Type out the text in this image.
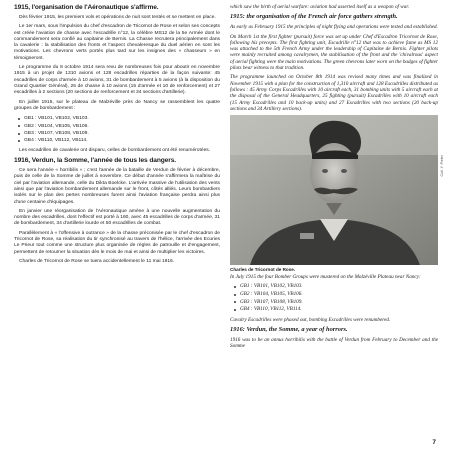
1915, l'organisation de l'Aéronautique s'affirme.

Dès février 1915, les premiers vols et opérations de nuit sont testés et se mettent en place.

Le 1er mars, sous l'impulsion du chef d'escadron de Tricornot de Rose et selon ses concepts est créée l'aviation de chasse avec l'escadrille n°12, la célèbre MS12 de la 5e Armée dont le commandement sera confié au capitaine de Bernis. La Chasse recrutera principalement dans la cavalerie : la stabilisation des fronts et l'aspect chevaleresque du duel aérien en sont les motivations. Les chevrons verts portés plus tard sur les insignes des « chasseurs » en témoigneront.

Le programme du 8 octobre 1914 sera revu de nombreuses fois pour aboutir en novembre 1915 à un projet de 1310 avions et 128 escadrilles réparties de la façon suivante: 45 escadrilles de corps d'armée à 10 avions, 31 de bombardement à 5 avions (à la disposition du Grand Quartier Général), 25 de chasse à 10 avions (15 d'armée et 10 de renforcement) et 27 escadrilles à 2 sections (20 sections de renforcement et 34 sections d'artillerie).

En juillet 1915, sur le plateau de Malzéville près de Nancy se rassemblent les quatre groupes de bombardement :

GB1 : VB101, VB102, VB103.
GB2 : VB104, VB105, VB106.
GB3 : VB107, VB108, VB109.
GB4 : VB110, VB112, VB114.

Les escadrilles de cavalerie ont disparu, celles de bombardement ont été renumérotées.

1916, Verdun, la Somme, l'année de tous les dangers.

Ce sera l'année « horribilis » ; c'est l'année de la bataille de Verdun de février à décembre, puis de celle de la Somme de juillet à novembre. Ce début d'année s'affirmera la maîtrise du ciel par l'aviation allemande, celle du Dikta Boelcke. L'arrivée massive de l'utilisation des vents ainsi que par l'aviation bombardement allemande sur le front, côtés alliés. Leurs bombardiers isolés sur le plan des pertes nombreuses furent ainsi l'aviation française perdra ainsi plus d'une centaine d'équipages.

En janvier une réorganisation de l'Aéronautique amène à une nouvelle augmentation du nombre des escadrilles, dont l'effectif est porté à 160, avec 45 escadrilles de corps d'armée, 31 de bombardement, 34 d'artillerie lourde et 50 escadrilles de combat.

Parallèlement à « l'offensive à outrance » de la chasse préconisée par le chef d'escadron de Tricornot de Rose, sa réalisation du tir synchronisé au travers de l'hélice, l'arrivée des Ecuries Le Prieur tout comme une structure plus organisée de règles de patrouille et d'engagement, permettent de retourner la situation dès le mois de mai et ainsi de multiplier les victoires.

Charles de Tricornot de Rose se tuera accidentellement le 11 mai 1916.

which saw the birth of aerial warfare: aviation had asserted itself as a weapon of war.

1915: the organisation of the French air force gathers strength.

As early as February 1915 the principles of night flying and operations were tested and established.

On March 1st the first fighter (pursuit) force was set up under Chef d'Escadron Tricornot de Rose, following his precepts. The first fighting unit, Escadrille n°12 that was to achieve fame as MS 12 was attached to the 5th French Army under the leadership of Capitaine de Bernis. Fighter pilots were mainly recruited among cavalrymen, the stabilisation of the front and the 'chivalrous' aspect of aerial fighting were the main motivations. The green chevrons later worn on the badges of fighter pilots bear witness to that tradition.

The programme launched on October 8th 1914 was revised many times and was finalized in November 1915 with a plan for the construction of 1,310 aircraft and 128 Escadrilles distributed as follows : 45 Army Corps Escadrilles with 10 aircraft each, 31 bombing units with 5 aircraft each at the disposal of the General Headquarters, 25 fighting (pursuit) Escadrilles with 10 aircraft each (15 Army Escadrilles and 10 back-up units) and 27 Escadrilles with two sections (20 back-up sections and 34 Artillery sections).

Coll. Y. Pieter

Charles de Tricornot de Rose.

In July 1915 the four Bomber Groups were mustered on the Malzéville Plateau near Nancy:

GB1 : VB101, VB102, VB103.
GB2 : VB104, VB105, VB106.
GB3 : VB107, VB108, VB109.
GB4 : VB110, VB112, VB114.

Cavalry Escadrilles were phased out, bombing Escadrilles were renumbered.

1916: Verdun, the Somme, a year of horrors.

1916 was to be an annus horribilis with the battle of Verdun from February to December and the Somme

7
